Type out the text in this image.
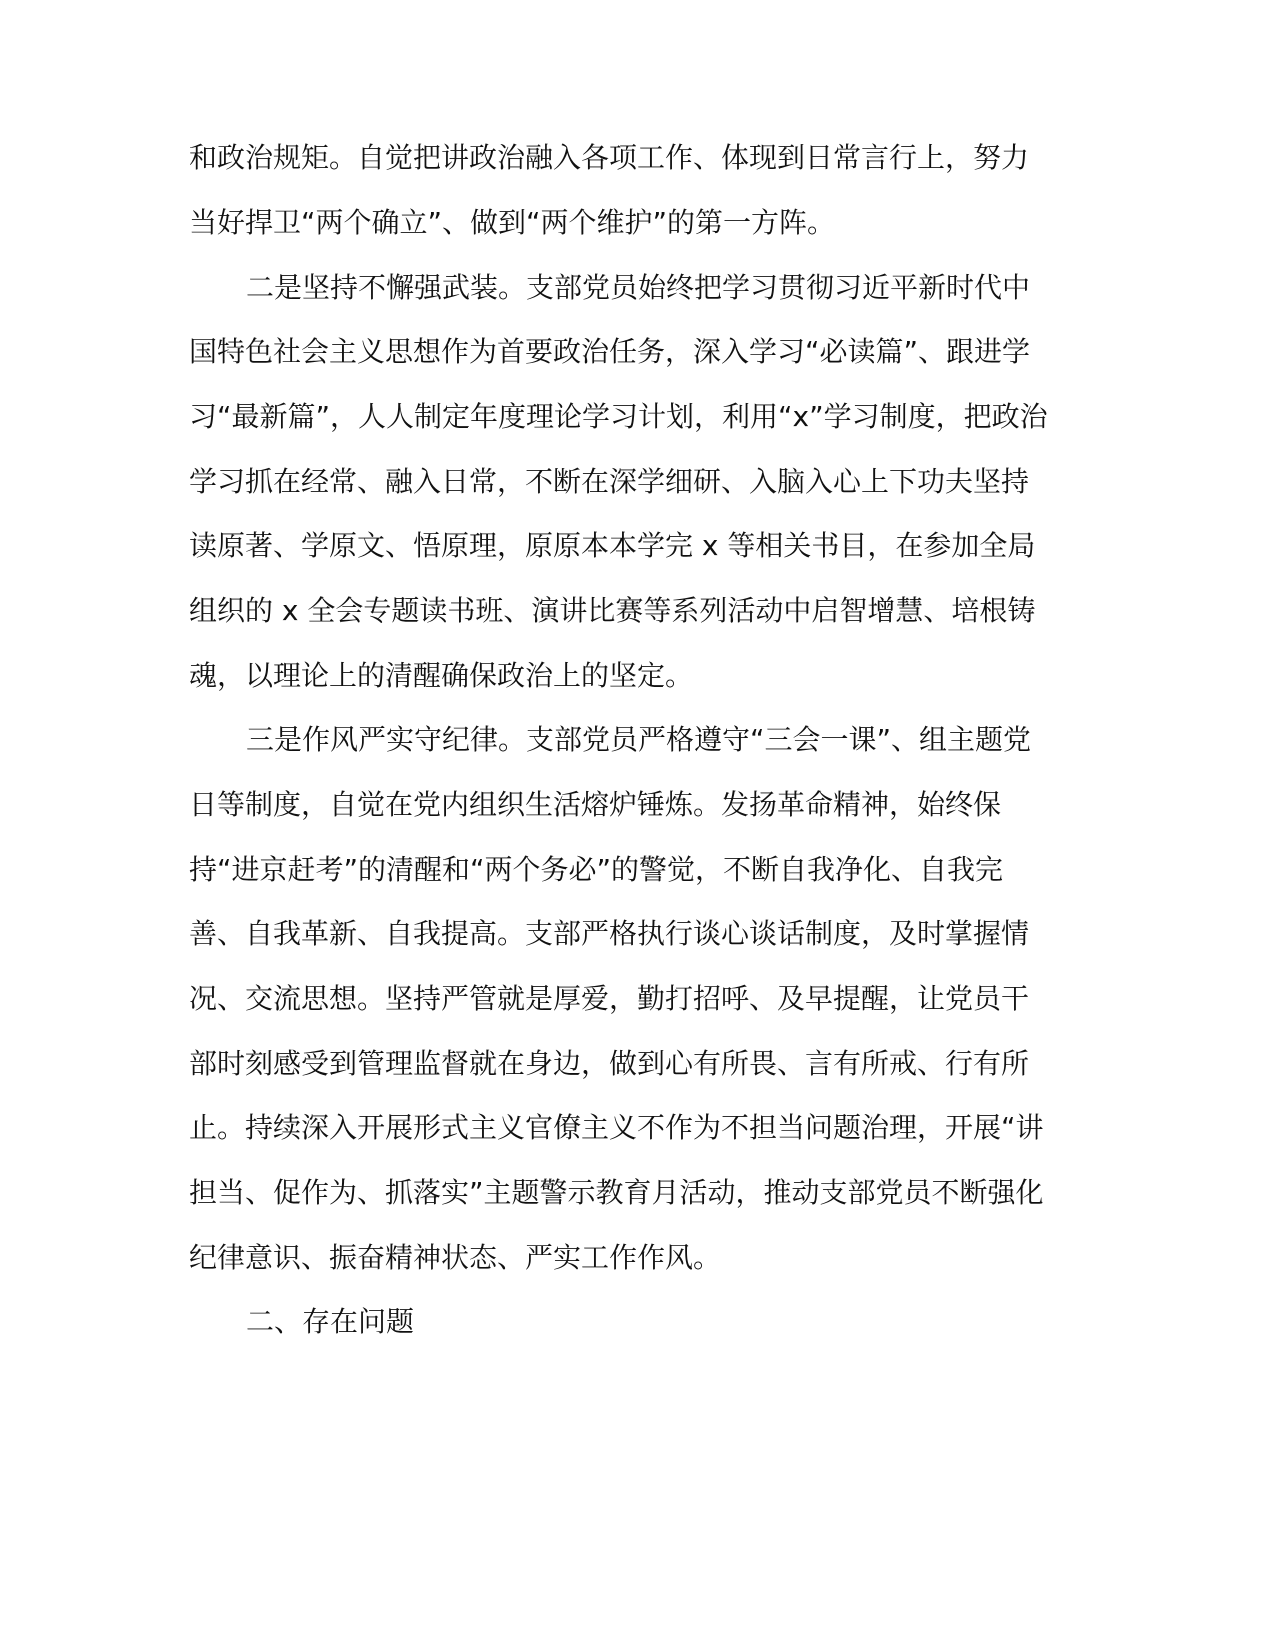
和政治规矩。自觉把讲政治融入各项工作、体现到日常言行上，努力
当好捍卫“两个确立”、做到“两个维护”的第一方阵。
二是坚持不懈强武装。支部党员始终把学习贯彻习近平新时代中
国特色社会主义思想作为首要政治任务，深入学习“必读篇”、跟进学
习“最新篇”，人人制定年度理论学习计划，利用“x”学习制度，把政治
学习抓在经常、融入日常，不断在深学细研、入脑入心上下功夫坚持
读原著、学原文、悟原理，原原本本学完 x 等相关书目，在参加全局
组织的 x 全会专题读书班、演讲比赛等系列活动中启智增慧、培根铸
魂，以理论上的清醒确保政治上的坚定。
三是作风严实守纪律。支部党员严格遵守“三会一课”、组主题党
日等制度，自觉在党内组织生活熔炉锤炼。发扬革命精神，始终保
持“进京赶考”的清醒和“两个务必”的警觉，不断自我净化、自我完
善、自我革新、自我提高。支部严格执行谈心谈话制度，及时掌握情
况、交流思想。坚持严管就是厚爱，勤打招呼、及早提醒，让党员干
部时刻感受到管理监督就在身边，做到心有所畏、言有所戒、行有所
止。持续深入开展形式主义官僚主义不作为不担当问题治理，开展“讲
担当、促作为、抓落实”主题警示教育月活动，推动支部党员不断强化
纪律意识、振奋精神状态、严实工作作风。
二、存在问题
